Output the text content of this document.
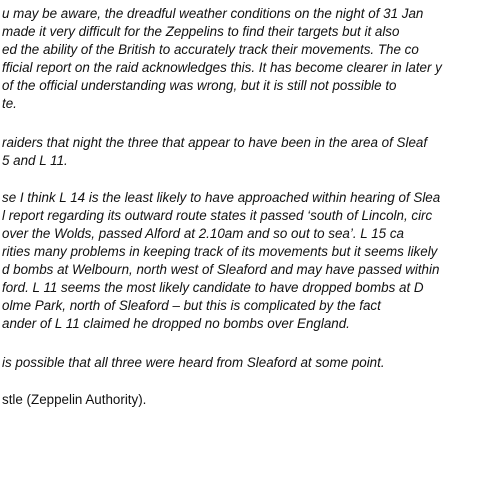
u may be aware, the dreadful weather conditions on the night of 31 Jan
made it very difficult for the Zeppelins to find their targets but it also
ed the ability of the British to accurately track their movements. The co
fficial report on the raid acknowledges this. It has become clearer in later y
of the official understanding was wrong, but it is still not possible to
te.
raiders that night the three that appear to have been in the area of Sleaf
5 and L 11.
se I think L 14 is the least likely to have approached within hearing of Slea
l report regarding its outward route states it passed ‘south of Lincoln, circ
over the Wolds, passed Alford at 2.10am and so out to sea’. L 15 ca
rities many problems in keeping track of its movements but it seems likely
d bombs at Welbourn, north west of Sleaford and may have passed within
ford. L 11 seems the most likely candidate to have dropped bombs at D
olme Park, north of Sleaford – but this is complicated by the fact
ander of L 11 claimed he dropped no bombs over England.
is possible that all three were heard from Sleaford at some point.
stle (Zeppelin Authority).
